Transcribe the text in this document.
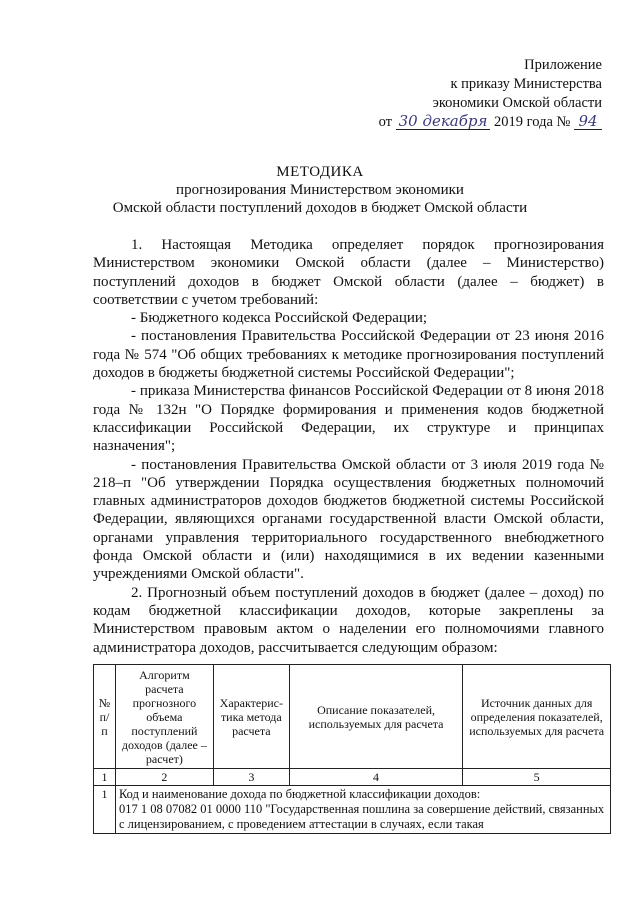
Приложение
к приказу Министерства
экономики Омской области
от 30 декабря 2019 года № 94
МЕТОДИКА
прогнозирования Министерством экономики
Омской области поступлений доходов в бюджет Омской области

1. Настоящая Методика определяет порядок прогнозирования Министерством экономики Омской области (далее – Министерство) поступлений доходов в бюджет Омской области (далее – бюджет) в соответствии с учетом требований:

- Бюджетного кодекса Российской Федерации;

- постановления Правительства Российской Федерации от 23 июня 2016 года № 574 "Об общих требованиях к методике прогнозирования поступлений доходов в бюджеты бюджетной системы Российской Федерации";

- приказа Министерства финансов Российской Федерации от 8 июня 2018 года № 132н "О Порядке формирования и применения кодов бюджетной классификации Российской Федерации, их структуре и принципах назначения";

- постановления Правительства Омской области от 3 июля 2019 года № 218–п "Об утверждении Порядка осуществления бюджетных полномочий главных администраторов доходов бюджетов бюджетной системы Российской Федерации, являющихся органами государственной власти Омской области, органами управления территориального государственного внебюджетного фонда Омской области и (или) находящимися в их ведении казенными учреждениями Омской области".

2. Прогнозный объем поступлений доходов в бюджет (далее – доход) по кодам бюджетной классификации доходов, которые закреплены за Министерством правовым актом о наделении его полномочиями главного администратора доходов, рассчитывается следующим образом:

№ п/п	Алгоритм расчета прогнозного объема поступлений доходов (далее – расчет)	Характерис-тика метода расчета	Описание показателей, используемых для расчета	Источник данных для определения показателей, используемых для расчета
1	2	3	4	5
1	Код и наименование дохода по бюджетной классификации доходов:
017 1 08 07082 01 0000 110 "Государственная пошлина за совершение действий, связанных с лицензированием, с проведением аттестации в случаях, если такая			
